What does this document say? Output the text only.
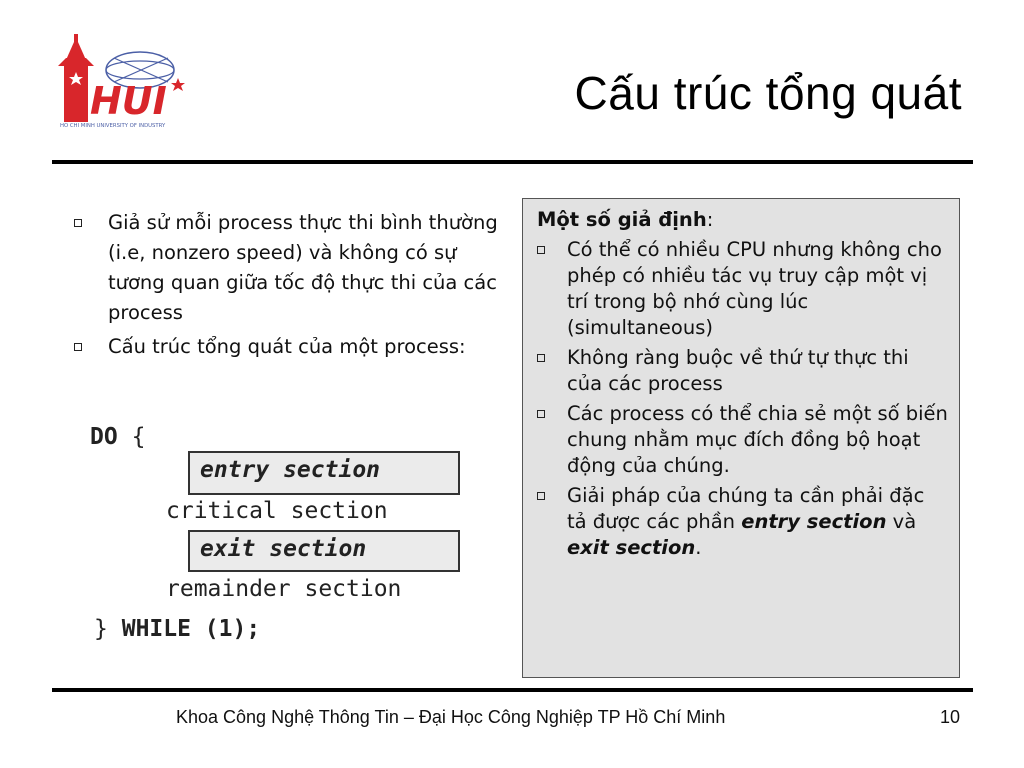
HUI
HO CHI MINH UNIVERSITY OF INDUSTRY
Cấu trúc tổng quát
Giả sử mỗi process thực thi bình thường (i.e, nonzero speed) và không có sự tương quan giữa tốc độ thực thi của các process
Cấu trúc tổng quát của một process:
DO {
entry section
critical section
exit section
remainder section
} WHILE (1);
Một số giả định:
Có thể có nhiều CPU nhưng không cho phép có nhiều tác vụ truy cập một vị trí trong bộ nhớ cùng lúc (simultaneous)
Không ràng buộc về thứ tự thực thi của các process
Các process có thể chia sẻ một số biến chung nhằm mục đích đồng bộ hoạt động của chúng.
Giải pháp của chúng ta cần phải đặc tả được các phần entry section và exit section.
Khoa Công Nghệ Thông Tin – Đại Học Công Nghiệp TP Hồ Chí Minh	10
